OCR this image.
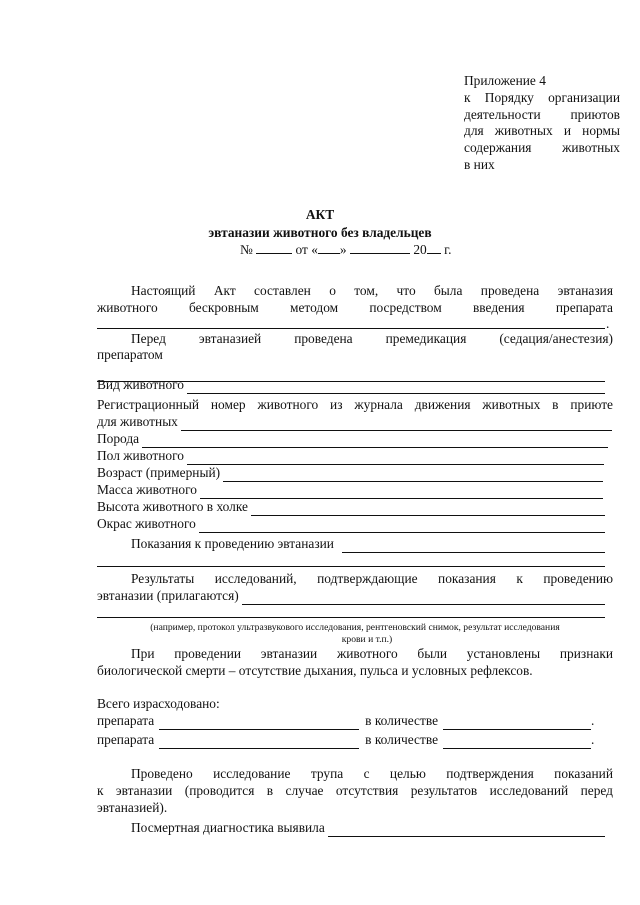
Приложение 4
к Порядку организации
деятельности приютов
для животных и нормы
содержания животных
в них
АКТ
эвтаназии животного без владельцев
№	от « »	20 г.
Настоящий Акт составлен о том, что была проведена эвтаназия
животного бескровным методом посредством введения препарата
.
Перед эвтаназией проведена премедикация (седация/анестезия)
препаратом
Вид животного
Регистрационный номер животного из журнала движения животных в приюте
для животных
Порода
Пол животного
Возраст (примерный)
Масса животного
Высота животного в холке
Окрас животного
Показания к проведению эвтаназии
Результаты исследований, подтверждающие показания к проведению
эвтаназии (прилагаются)
(например, протокол ультразвукового исследования, рентгеновский снимок, результат исследования
крови и т.п.)
При проведении эвтаназии животного были установлены признаки
биологической смерти – отсутствие дыхания, пульса и условных рефлексов.
Всего израсходовано:
препарата	в количестве	.
препарата	в количестве	.
Проведено исследование трупа с целью подтверждения показаний
к эвтаназии (проводится в случае отсутствия результатов исследований перед
эвтаназией).
Посмертная диагностика выявила
